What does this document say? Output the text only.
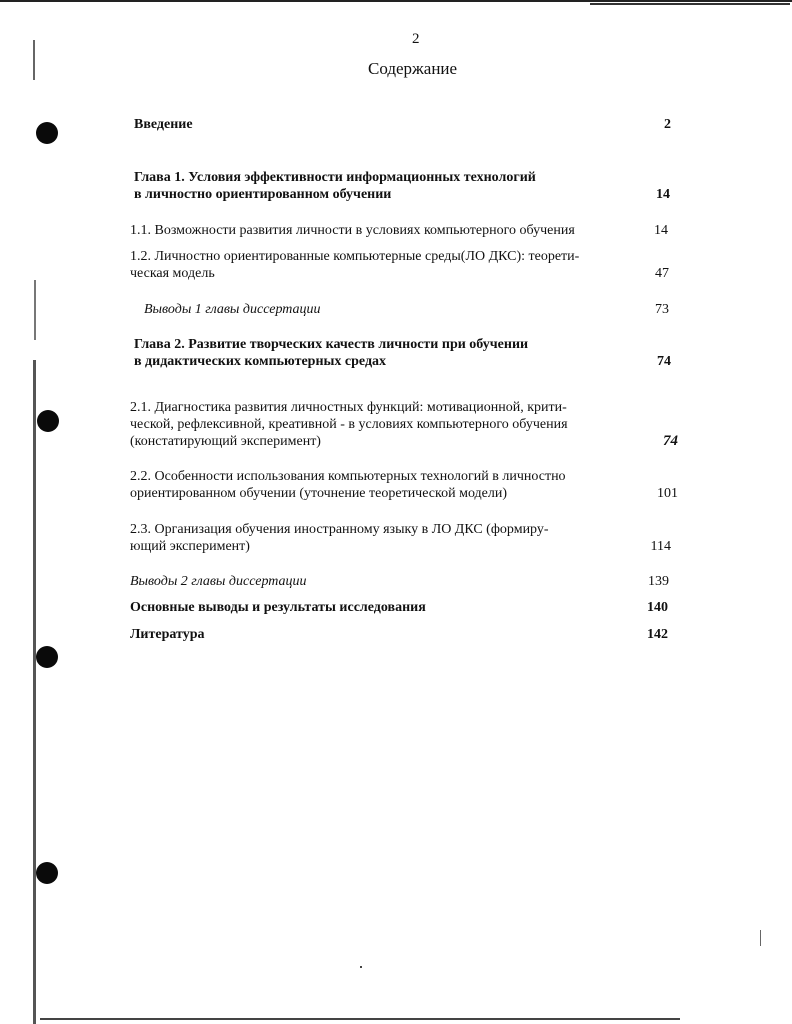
2
Содержание
Введение	2
Глава 1. Условия эффективности информационных технологий
в личностно ориентированном обучении	14
1.1. Возможности развития личности в условиях компьютерного обучения	14
1.2. Личностно ориентированные компьютерные среды(ЛО ДКС): теорети-
ческая модель	47
Выводы 1 главы диссертации	73
Глава 2. Развитие творческих качеств личности при обучении
в дидактических компьютерных средах	74
2.1. Диагностика развития личностных функций: мотивационной, крити-
ческой, рефлексивной, креативной - в условиях компьютерного обучения
(констатирующий эксперимент)	74
2.2. Особенности использования компьютерных технологий в личностно
ориентированном обучении (уточнение теоретической модели)	101
2.3. Организация обучения иностранному языку в ЛО ДКС (формиру-
ющий эксперимент)	114
Выводы 2 главы диссертации	139
Основные выводы и результаты исследования	140
Литература	142
